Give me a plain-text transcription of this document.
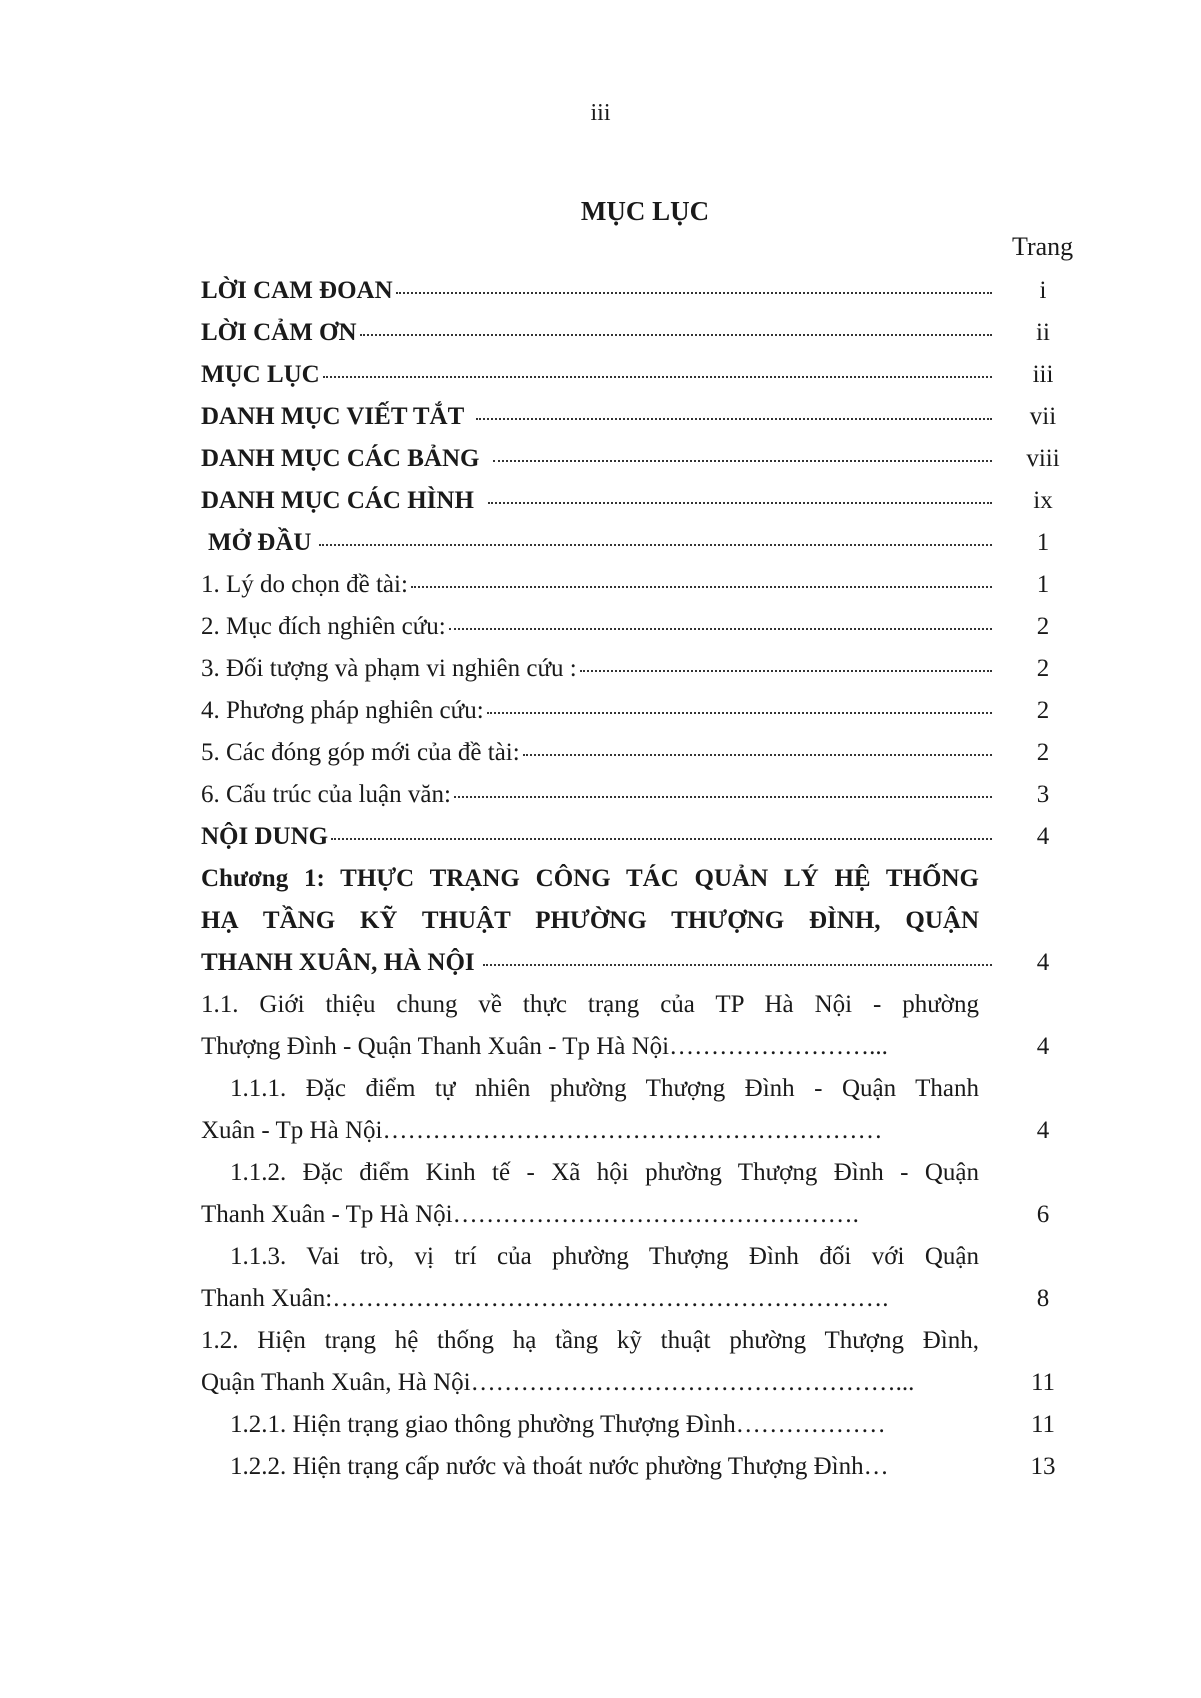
iii
MỤC LỤC
Trang
LỜI CAM ĐOAN	i
LỜI CẢM ƠN	ii
MỤC LỤC	iii
DANH MỤC VIẾT TẮT	vii
DANH MỤC CÁC BẢNG	viii
DANH MỤC CÁC HÌNH	ix
MỞ ĐẦU	1
1. Lý do chọn đề tài:	1
2. Mục đích nghiên cứu:	2
3. Đối tượng và phạm vi nghiên cứu :	2
4. Phương pháp nghiên cứu:	2
5. Các đóng góp mới của đề tài:	2
6. Cấu trúc của luận văn:	3
NỘI DUNG	4
Chương 1: THỰC TRẠNG CÔNG TÁC QUẢN LÝ HỆ THỐNG
HẠ TẦNG KỸ THUẬT PHƯỜNG THƯỢNG ĐÌNH, QUẬN
THANH XUÂN, HÀ NỘI	4
1.1. Giới thiệu chung về thực trạng của TP Hà Nội - phường
Thượng Đình - Quận Thanh Xuân - Tp Hà Nội……………………...	4
1.1.1. Đặc điểm tự nhiên phường Thượng Đình - Quận Thanh
Xuân - Tp Hà Nội……………………………………………………	4
1.1.2. Đặc điểm Kinh tế - Xã hội phường Thượng Đình - Quận
Thanh Xuân - Tp Hà Nội………………………………………….	6
1.1.3. Vai trò, vị trí của phường Thượng Đình đối với Quận
Thanh Xuân:………………………………………………………….	8
1.2. Hiện trạng hệ thống hạ tầng kỹ thuật phường Thượng Đình,
Quận Thanh Xuân, Hà Nội……………………………………………...	11
1.2.1. Hiện trạng giao thông phường Thượng Đình………………	11
1.2.2. Hiện trạng cấp nước và thoát nước phường Thượng Đình…	13
